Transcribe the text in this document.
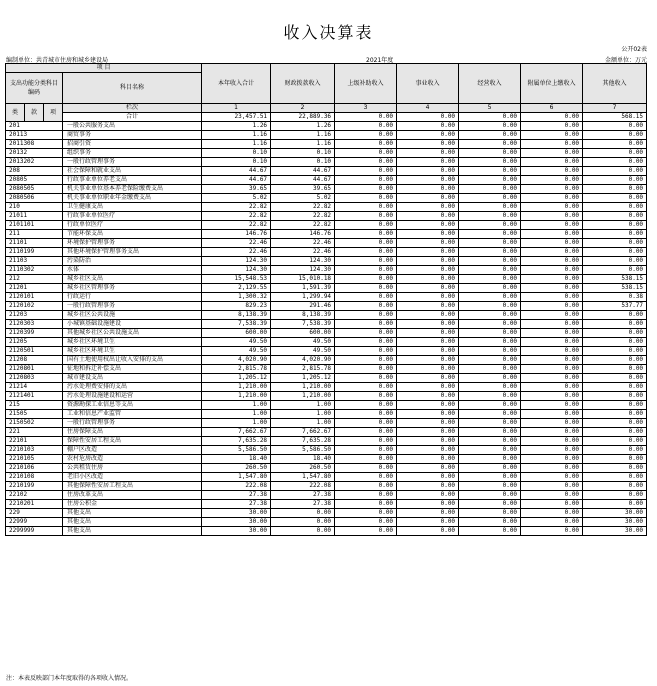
收入决算表
公开02表
编制单位：共青城市住房和城乡建设局	2021年度	金额单位：万元
项 目				本年收入合计	财政拨款收入	上级补助收入	事业收入	经营收入	附属单位上缴收入	其他收入
支出功能分类科目编码			科目名称							
类	款	项								
			栏次	1	2	3	4	5	6	7
			合计	23,457.51	22,889.36	0.00	0.00	0.00	0.00	568.15
201			一般公共服务支出	1.26	1.26	0.00	0.00	0.00	0.00	0.00
20113			商贸事务	1.16	1.16	0.00	0.00	0.00	0.00	0.00
2011308			招商引资	1.16	1.16	0.00	0.00	0.00	0.00	0.00
20132			组织事务	0.10	0.10	0.00	0.00	0.00	0.00	0.00
2013202			一般行政管理事务	0.10	0.10	0.00	0.00	0.00	0.00	0.00
208			社会保障和就业支出	44.67	44.67	0.00	0.00	0.00	0.00	0.00
20805			行政事业单位养老支出	44.67	44.67	0.00	0.00	0.00	0.00	0.00
2080505			机关事业单位基本养老保险缴费支出	39.65	39.65	0.00	0.00	0.00	0.00	0.00
2080506			机关事业单位职业年金缴费支出	5.02	5.02	0.00	0.00	0.00	0.00	0.00
210			卫生健康支出	22.82	22.82	0.00	0.00	0.00	0.00	0.00
21011			行政事业单位医疗	22.82	22.82	0.00	0.00	0.00	0.00	0.00
2101101			行政单位医疗	22.82	22.82	0.00	0.00	0.00	0.00	0.00
211			节能环保支出	146.76	146.76	0.00	0.00	0.00	0.00	0.00
21101			环境保护管理事务	22.46	22.46	0.00	0.00	0.00	0.00	0.00
2110199			其他环境保护管理事务支出	22.46	22.46	0.00	0.00	0.00	0.00	0.00
21103			污染防治	124.30	124.30	0.00	0.00	0.00	0.00	0.00
2110302			水体	124.30	124.30	0.00	0.00	0.00	0.00	0.00
212			城乡社区支出	15,548.53	15,010.18	0.00	0.00	0.00	0.00	538.15
21201			城乡社区管理事务	2,129.55	1,591.39	0.00	0.00	0.00	0.00	538.15
2120101			行政运行	1,300.32	1,299.94	0.00	0.00	0.00	0.00	0.38
2120102			一般行政管理事务	829.23	291.46	0.00	0.00	0.00	0.00	537.77
21203			城乡社区公共设施	8,138.39	8,138.39	0.00	0.00	0.00	0.00	0.00
2120303			小城镇基础设施建设	7,538.39	7,538.39	0.00	0.00	0.00	0.00	0.00
2120399			其他城乡社区公共设施支出	600.00	600.00	0.00	0.00	0.00	0.00	0.00
21205			城乡社区环境卫生	49.50	49.50	0.00	0.00	0.00	0.00	0.00
2120501			城乡社区环境卫生	49.50	49.50	0.00	0.00	0.00	0.00	0.00
21208			国有土地使用权出让收入安排的支出	4,020.90	4,020.90	0.00	0.00	0.00	0.00	0.00
2120801			征地和拆迁补偿支出	2,815.78	2,815.78	0.00	0.00	0.00	0.00	0.00
2120803			城市建设支出	1,205.12	1,205.12	0.00	0.00	0.00	0.00	0.00
21214			污水处理费安排的支出	1,210.00	1,210.00	0.00	0.00	0.00	0.00	0.00
2121401			污水处理设施建设和运营	1,210.00	1,210.00	0.00	0.00	0.00	0.00	0.00
215			资源勘探工业信息等支出	1.00	1.00	0.00	0.00	0.00	0.00	0.00
21505			工业和信息产业监管	1.00	1.00	0.00	0.00	0.00	0.00	0.00
2150502			一般行政管理事务	1.00	1.00	0.00	0.00	0.00	0.00	0.00
221			住房保障支出	7,662.67	7,662.67	0.00	0.00	0.00	0.00	0.00
22101			保障性安居工程支出	7,635.28	7,635.28	0.00	0.00	0.00	0.00	0.00
2210103			棚户区改造	5,586.50	5,586.50	0.00	0.00	0.00	0.00	0.00
2210105			农村危房改造	18.40	18.40	0.00	0.00	0.00	0.00	0.00
2210106			公共租赁住房	260.50	260.50	0.00	0.00	0.00	0.00	0.00
2210108			老旧小区改造	1,547.80	1,547.80	0.00	0.00	0.00	0.00	0.00
2210199			其他保障性安居工程支出	222.08	222.08	0.00	0.00	0.00	0.00	0.00
22102			住房改革支出	27.38	27.38	0.00	0.00	0.00	0.00	0.00
2210201			住房公积金	27.38	27.38	0.00	0.00	0.00	0.00	0.00
229			其他支出	30.00	0.00	0.00	0.00	0.00	0.00	30.00
22999			其他支出	30.00	0.00	0.00	0.00	0.00	0.00	30.00
2299999			其他支出	30.00	0.00	0.00	0.00	0.00	0.00	30.00
注：本表反映部门本年度取得的各项收入情况。
